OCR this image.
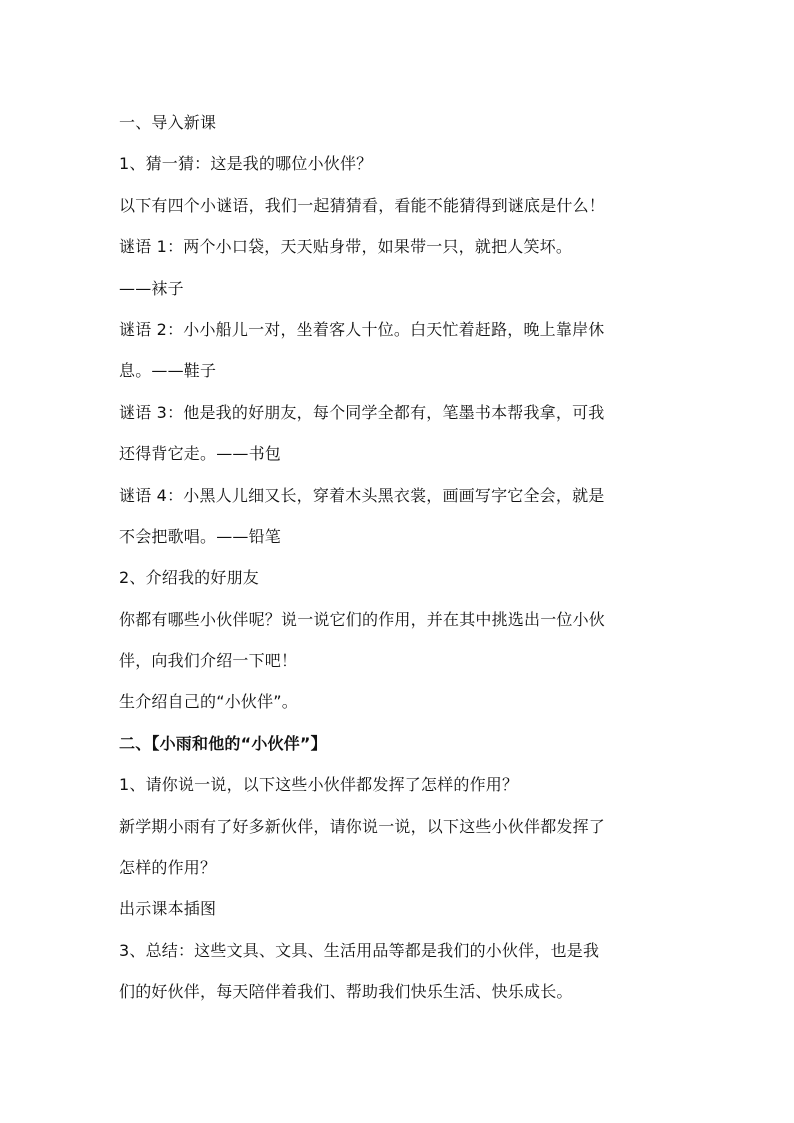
一、导入新课
1、猜一猜：这是我的哪位小伙伴？
以下有四个小谜语，我们一起猜猜看，看能不能猜得到谜底是什么！
谜语 1：两个小口袋，天天贴身带，如果带一只，就把人笑坏。
——袜子
谜语 2：小小船儿一对，坐着客人十位。白天忙着赶路，晚上靠岸休
息。——鞋子
谜语 3：他是我的好朋友，每个同学全都有，笔墨书本帮我拿，可我
还得背它走。——书包
谜语 4：小黑人儿细又长，穿着木头黑衣裳，画画写字它全会，就是
不会把歌唱。——铅笔
2、介绍我的好朋友
你都有哪些小伙伴呢？说一说它们的作用，并在其中挑选出一位小伙
伴，向我们介绍一下吧！
生介绍自己的“小伙伴”。
二、【小雨和他的“小伙伴”】
1、请你说一说，以下这些小伙伴都发挥了怎样的作用？
新学期小雨有了好多新伙伴，请你说一说，以下这些小伙伴都发挥了
怎样的作用？
出示课本插图
3、总结：这些文具、文具、生活用品等都是我们的小伙伴，也是我
们的好伙伴，每天陪伴着我们、帮助我们快乐生活、快乐成长。
